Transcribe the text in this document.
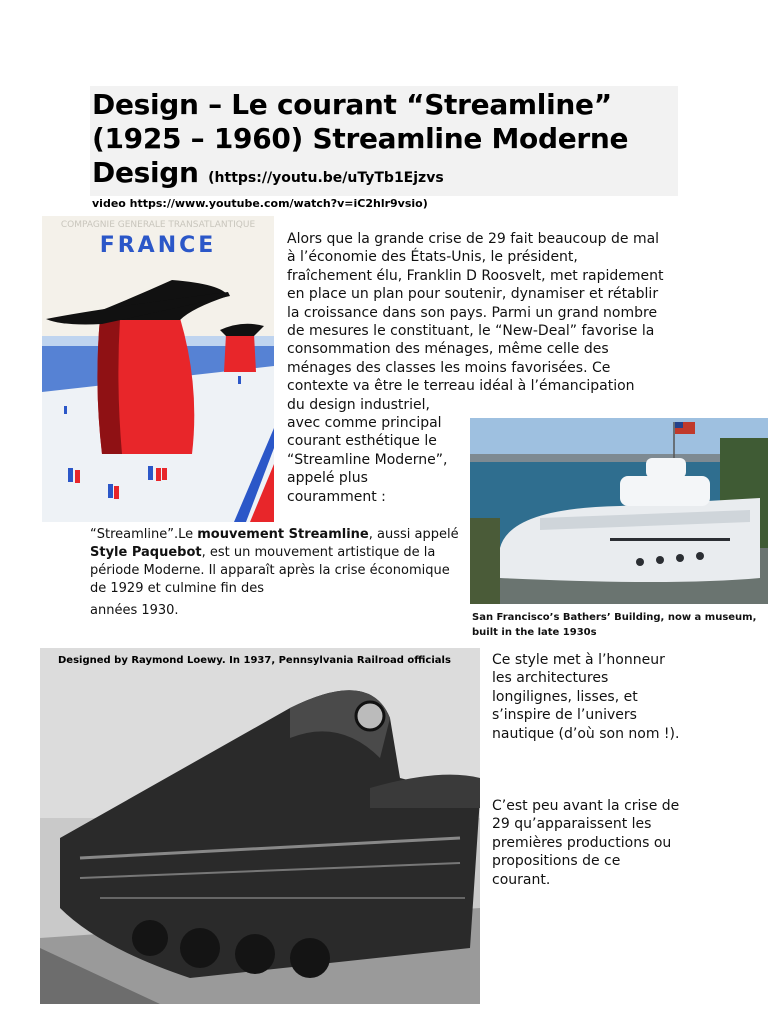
Design – Le courant “Streamline”
(1925 – 1960) Streamline Moderne
Design (https://youtu.be/uTyTb1Ejzvs
video https://www.youtube.com/watch?v=iC2hlr9vsio)
COMPAGNIE GENERALE TRANSATLANTIQUE
FRANCE	Alors que la grande crise de 29 fait beaucoup de mal à l’économie des États-Unis, le président, fraîchement élu, Franklin D Roosvelt, met rapidement en place un plan pour soutenir, dynamiser et rétablir la croissance dans son pays. Parmi un grand nombre de mesures le constituant, le “New-Deal” favorise la consommation des ménages, même celle des ménages des classes les moins favorisées. Ce contexte va être le terreau idéal à l’émancipation
du design industriel, avec comme principal courant esthétique le “Streamline Moderne”, appelé plus couramment :

“Streamline”.Le mouvement Streamline, aussi appelé Style Paquebot, est un mouvement artistique de la période Moderne. Il apparaît après la crise économique de 1929 et culmine fin des

années 1930.	San Francisco’s Bathers’ Building, now a museum, built in the late 1930s

Designed by Raymond Loewy. In 1937, Pennsylvania Railroad officials	Ce style met à l’honneur les architectures longilignes, lisses, et s’inspire de l’univers nautique (d’où son nom !).

C’est peu avant la crise de 29 qu’apparaissent les premières productions ou propositions de ce courant.
